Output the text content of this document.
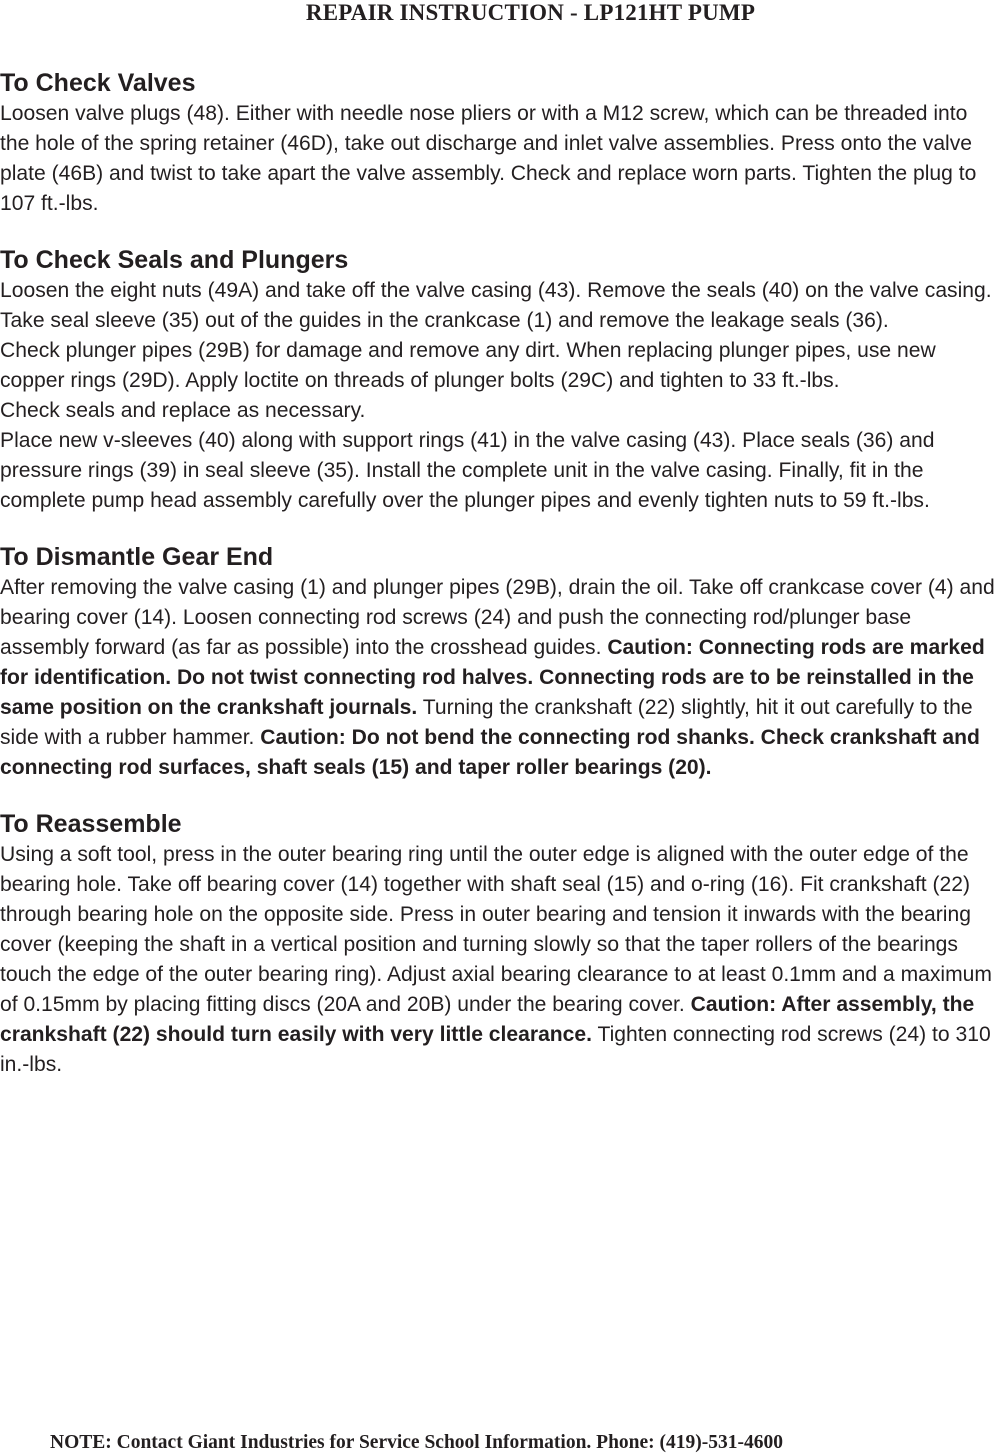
REPAIR INSTRUCTION - LP121HT PUMP
To Check Valves

Loosen valve plugs (48). Either with needle nose pliers or with a M12 screw, which can be threaded into the hole of the spring retainer (46D), take out discharge and inlet valve assemblies. Press onto the valve plate (46B) and twist to take apart the valve assembly. Check and replace worn parts. Tighten the plug to 107 ft.-lbs.

To Check Seals and Plungers

Loosen the eight nuts (49A) and take off the valve casing (43). Remove the seals (40) on the valve casing. Take seal sleeve (35) out of the guides in the crankcase (1) and remove the leakage seals (36).

Check plunger pipes (29B) for damage and remove any dirt. When replacing plunger pipes, use new copper rings (29D). Apply loctite on threads of plunger bolts (29C) and tighten to 33 ft.-lbs.

Check seals and replace as necessary.

Place new v-sleeves (40) along with support rings (41) in the valve casing (43). Place seals (36) and pressure rings (39) in seal sleeve (35). Install the complete unit in the valve casing. Finally, fit in the complete pump head assembly carefully over the plunger pipes and evenly tighten nuts to 59 ft.-lbs.

To Dismantle Gear End

After removing the valve casing (1) and plunger pipes (29B), drain the oil. Take off crankcase cover (4) and bearing cover (14). Loosen connecting rod screws (24) and push the connecting rod/plunger base assembly forward (as far as possible) into the crosshead guides. Caution: Connecting rods are marked for identification. Do not twist connecting rod halves. Connecting rods are to be reinstalled in the same position on the crankshaft journals. Turning the crankshaft (22) slightly, hit it out carefully to the side with a rubber hammer. Caution: Do not bend the connecting rod shanks. Check crankshaft and connecting rod surfaces, shaft seals (15) and taper roller bearings (20).

To Reassemble

Using a soft tool, press in the outer bearing ring until the outer edge is aligned with the outer edge of the bearing hole. Take off bearing cover (14) together with shaft seal (15) and o-ring (16). Fit crankshaft (22) through bearing hole on the opposite side. Press in outer bearing and tension it inwards with the bearing cover (keeping the shaft in a vertical position and turning slowly so that the taper rollers of the bearings touch the edge of the outer bearing ring). Adjust axial bearing clearance to at least 0.1mm and a maximum of 0.15mm by placing fitting discs (20A and 20B) under the bearing cover. Caution: After assembly, the crankshaft (22) should turn easily with very little clearance. Tighten connecting rod screws (24) to 310 in.-lbs.

NOTE: Contact Giant Industries for Service School Information. Phone: (419)-531-4600
